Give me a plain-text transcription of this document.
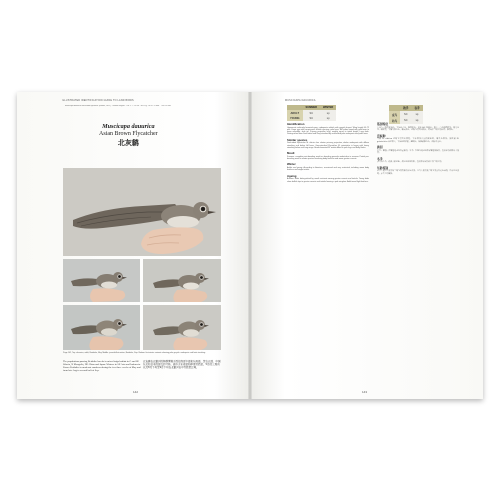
ILLUSTRATED IDENTIFICATION GUIDE TO LAND BIRDS
Muscicapa dauurica asia brown flycatcher (Raffles, 1822) · Oriental Region · Cat. 2 · L 13 cm · Wt 10 g · W 62–72 mm · T 46–52 mm
Muscicapa dauurica
Asian Brown Flycatcher
北灰鹟
Page 142, Top: dauurica, adult, Beidaihe, May. Middle: juvenile/first-winter, Beidaihe, Sep. Bottom: first-winter variants showing pale greyish underparts and faint streaking.
The populations passing Beidaihe breeds in mixed taiga habitat in C and SE Siberia, N Mongolia, NE China and Japan. Winters in SE Asia and Indonesia. Passes Beidaihe in moderate numbers during the few three weeks of May and from late Aug to second half of Sep.
北灰鹟在北戴河的种群繁殖于西伯利亚中部和东南部、蒙古北部、中国东北和日本的混交针叶林。越冬于东南亚和印度尼西亚。5月的三周内以及8月下旬至9月下旬在北戴河以中等数量过境。
142
MUSCICAPA DAUURICA
	SUMMER	WINTER
ADULT	SC	sp
YOUNG	SC	sp
	秋季	春季
成鸟	SC	sp
幼鸟	SC	sp
Identification
Upperparts uniformly brownish-grey; underparts whitish with greyish breast. Wing length 64–72 mm. Large eye with conspicuous whitish eye-ring; pale lores. Bill rather broad with pale base to lower mandible, dark tip. Primary projection long, roughly equal to tertial length. Legs dark. Distinguished from Dark-sided and Grey-streaked by unstreaked pale underparts and paler lores.
Similar species
Dark-sided Flycatcher M. sibirica has shorter primary projection, darker underparts with diffuse streaking and darker bill base. Grey-streaked Flycatcher M. griseisticta is larger with heavy streaking below and long wings. Brown-breasted M. muttui differs in pale legs and buffy flanks.
Moult
Summer: complete post-breeding moult on breeding grounds undertaken in summer. Partial pre-breeding moult in winter quarters involving body feathers and some greater coverts.
Winter
Adults and young: According to literature, occasional and very restricted, including some body feathers and single tertials.
Ageing
Autumn: Birds distinguished by moult contrasts among greater coverts and tertials. Young birds show buffish tips to greater coverts and tertials forming a pale wing-bar. Adult worn flight feathers.
鉴别特征
上体为一致的灰褐色，下体近白色，胸部灰色。翼长 64–72毫米。眼大，白色眼圈明显；眼先色浅。嘴较宽，下嘴基部浅色，嘴端深色。初级飞羽突出较长，约等于三级飞羽长度。腿深色。
近似种
乌鹟 M. sibirica 初级飞羽突出较短，下体较深并具模糊纵纹，嘴基色较深。灰纹鹟 M. griseisticta 体型较大，下体纵纹浓密，翅较长。褐胸鹟腿浅色，两胁皮黄色。
换羽
夏季：繁殖后在繁殖地进行完全换羽。冬季：在越冬地进行部分繁殖前换羽，包括体羽和部分大覆羽。
冬季
成鸟与幼鸟：根据文献记载，偶见且非常有限，包括部分体羽和个别三级飞羽。
年龄鉴别
秋季：通过大覆羽与三级飞羽的换羽对比识别。幼鸟大覆羽及三级飞羽具皮黄色端斑，形成浅色翼斑。成鸟飞羽磨损。
143
